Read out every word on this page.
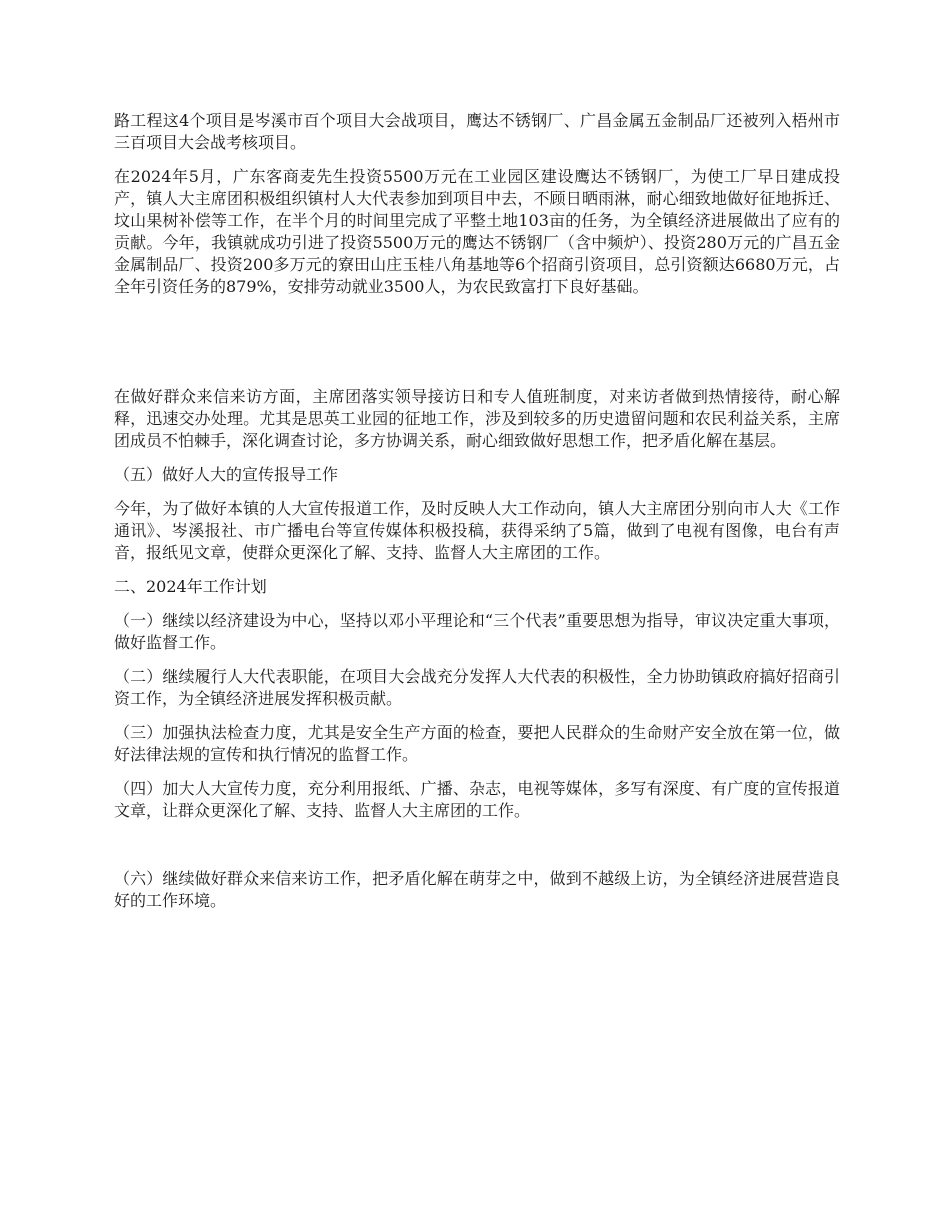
路工程这4个项目是岑溪市百个项目大会战项目，鹰达不锈钢厂、广昌金属五金制品厂还被列入梧州市三百项目大会战考核项目。

在2024年5月，广东客商麦先生投资5500万元在工业园区建设鹰达不锈钢厂，为使工厂早日建成投产，镇人大主席团积极组织镇村人大代表参加到项目中去，不顾日晒雨淋，耐心细致地做好征地拆迁、坟山果树补偿等工作，在半个月的时间里完成了平整土地103亩的任务，为全镇经济进展做出了应有的贡献。今年，我镇就成功引进了投资5500万元的鹰达不锈钢厂（含中频炉）、投资280万元的广昌五金金属制品厂、投资200多万元的寮田山庄玉桂八角基地等6个招商引资项目，总引资额达6680万元，占全年引资任务的879%，安排劳动就业3500人，为农民致富打下良好基础。

在做好群众来信来访方面，主席团落实领导接访日和专人值班制度，对来访者做到热情接待，耐心解释，迅速交办处理。尤其是思英工业园的征地工作，涉及到较多的历史遗留问题和农民利益关系，主席团成员不怕棘手，深化调查讨论，多方协调关系，耐心细致做好思想工作，把矛盾化解在基层。

（五）做好人大的宣传报导工作

今年，为了做好本镇的人大宣传报道工作，及时反映人大工作动向，镇人大主席团分别向市人大《工作通讯》、岑溪报社、市广播电台等宣传媒体积极投稿，获得采纳了5篇，做到了电视有图像，电台有声音，报纸见文章，使群众更深化了解、支持、监督人大主席团的工作。

二、2024年工作计划

（一）继续以经济建设为中心，坚持以邓小平理论和“三个代表”重要思想为指导，审议决定重大事项，做好监督工作。

（二）继续履行人大代表职能，在项目大会战充分发挥人大代表的积极性，全力协助镇政府搞好招商引资工作，为全镇经济进展发挥积极贡献。

（三）加强执法检查力度，尤其是安全生产方面的检查，要把人民群众的生命财产安全放在第一位，做好法律法规的宣传和执行情况的监督工作。

（四）加大人大宣传力度，充分利用报纸、广播、杂志，电视等媒体，多写有深度、有广度的宣传报道文章，让群众更深化了解、支持、监督人大主席团的工作。

（六）继续做好群众来信来访工作，把矛盾化解在萌芽之中，做到不越级上访，为全镇经济进展营造良好的工作环境。
